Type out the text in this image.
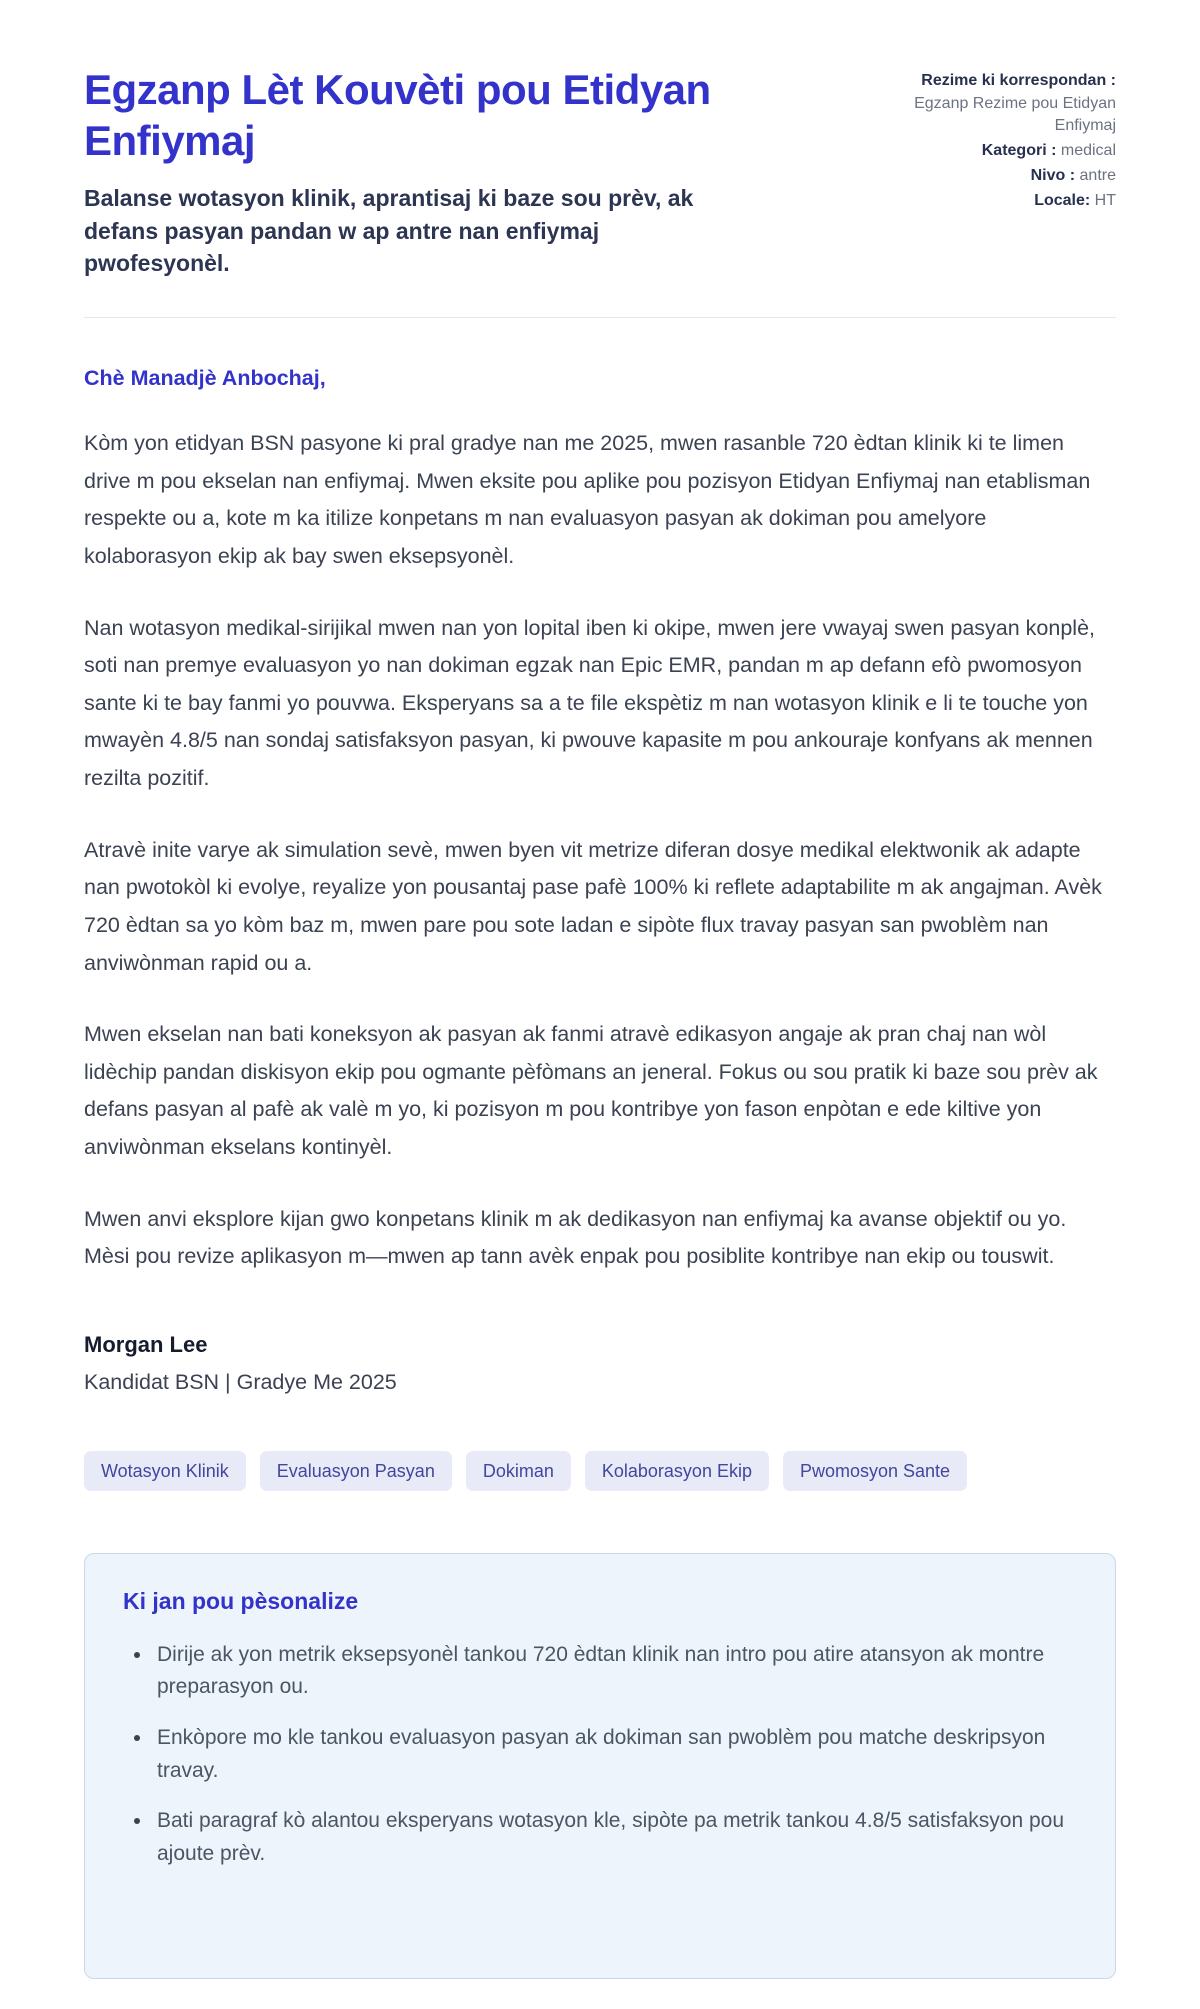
Egzanp Lèt Kouvèti pou Etidyan Enfiymaj

Balanse wotasyon klinik, aprantisaj ki baze sou prèv, ak defans pasyan pandan w ap antre nan enfiymaj pwofesyonèl.

Rezime ki korrespondan : Egzanp Rezime pou Etidyan Enfiymaj

Kategori : medical

Nivo : antre

Locale: HT

Chè Manadjè Anbochaj,

Kòm yon etidyan BSN pasyone ki pral gradye nan me 2025, mwen rasanble 720 èdtan klinik ki te limen drive m pou ekselan nan enfiymaj. Mwen eksite pou aplike pou pozisyon Etidyan Enfiymaj nan etablisman respekte ou a, kote m ka itilize konpetans m nan evaluasyon pasyan ak dokiman pou amelyore kolaborasyon ekip ak bay swen eksepsyonèl.

Nan wotasyon medikal-sirijikal mwen nan yon lopital iben ki okipe, mwen jere vwayaj swen pasyan konplè, soti nan premye evaluasyon yo nan dokiman egzak nan Epic EMR, pandan m ap defann efò pwomosyon sante ki te bay fanmi yo pouvwa. Eksperyans sa a te file ekspètiz m nan wotasyon klinik e li te touche yon mwayèn 4.8/5 nan sondaj satisfaksyon pasyan, ki pwouve kapasite m pou ankouraje konfyans ak mennen rezilta pozitif.

Atravè inite varye ak simulation sevè, mwen byen vit metrize diferan dosye medikal elektwonik ak adapte nan pwotokòl ki evolye, reyalize yon pousantaj pase pafè 100% ki reflete adaptabilite m ak angajman. Avèk 720 èdtan sa yo kòm baz m, mwen pare pou sote ladan e sipòte flux travay pasyan san pwoblèm nan anviwònman rapid ou a.

Mwen ekselan nan bati koneksyon ak pasyan ak fanmi atravè edikasyon angaje ak pran chaj nan wòl lidèchip pandan diskisyon ekip pou ogmante pèfòmans an jeneral. Fokus ou sou pratik ki baze sou prèv ak defans pasyan al pafè ak valè m yo, ki pozisyon m pou kontribye yon fason enpòtan e ede kiltive yon anviwònman ekselans kontinyèl.

Mwen anvi eksplore kijan gwo konpetans klinik m ak dedikasyon nan enfiymaj ka avanse objektif ou yo. Mèsi pou revize aplikasyon m—mwen ap tann avèk enpak pou posiblite kontribye nan ekip ou touswit.

Morgan Lee

Kandidat BSN | Gradye Me 2025

Wotasyon Klinik	Evaluasyon Pasyan	Dokiman	Kolaborasyon Ekip	Pwomosyon Sante
Ki jan pou pèsonalize
• Dirije ak yon metrik eksepsyonèl tankou 720 èdtan klinik nan intro pou atire atansyon ak montre preparasyon ou.
• Enkòpore mo kle tankou evaluasyon pasyan ak dokiman san pwoblèm pou matche deskripsyon travay.
• Bati paragraf kò alantou eksperyans wotasyon kle, sipòte pa metrik tankou 4.8/5 satisfaksyon pou ajoute prèv.
